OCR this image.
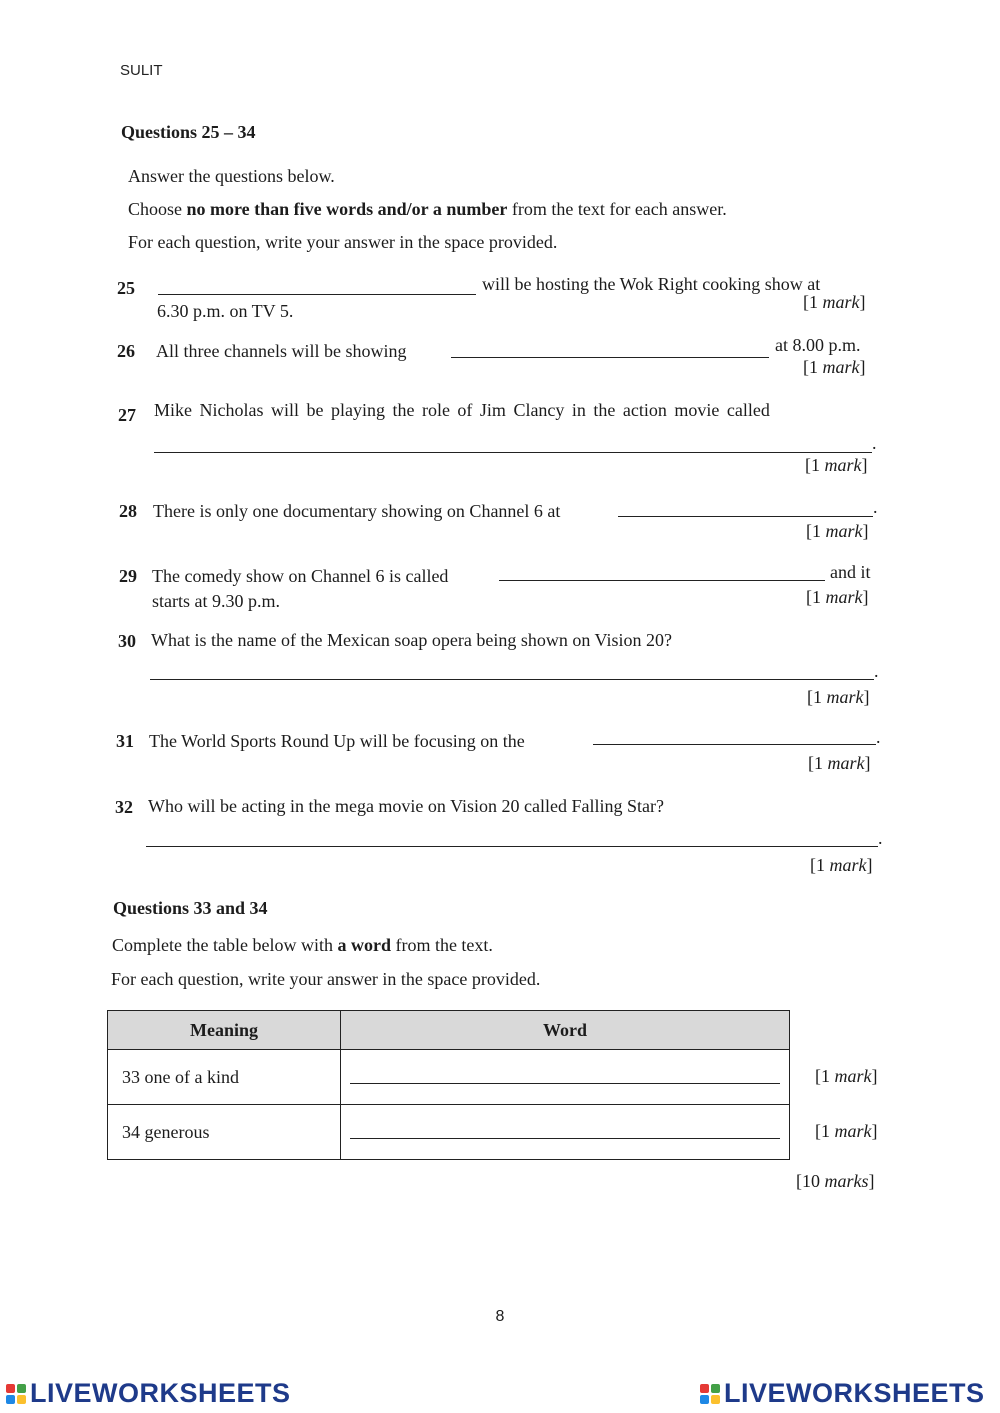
SULIT
Questions 25 – 34
Answer the questions below.
Choose no more than five words and/or a number from the text for each answer.
For each question, write your answer in the space provided.
25	will be hosting the Wok Right cooking show at
6.30 p.m. on TV 5.	[1 mark]
26 All three channels will be showing	at 8.00 p.m.
[1 mark]
27 Mike Nicholas will be playing the role of Jim Clancy in the action movie called
.
[1 mark]
28 There is only one documentary showing on Channel 6 at	.
[1 mark]
29 The comedy show on Channel 6 is called	and it
starts at 9.30 p.m.	[1 mark]
30 What is the name of the Mexican soap opera being shown on Vision 20?
.
[1 mark]
31 The World Sports Round Up will be focusing on the	.
[1 mark]
32 Who will be acting in the mega movie on Vision 20 called Falling Star?
.
[1 mark]
Questions 33 and 34
Complete the table below with a word from the text.
For each question, write your answer in the space provided.
Meaning	Word
33 one of a kind	

34 generous	
[1 mark]
[1 mark]
[10 marks]
8
LIVEWORKSHEETS	LIVEWORKSHEETS
